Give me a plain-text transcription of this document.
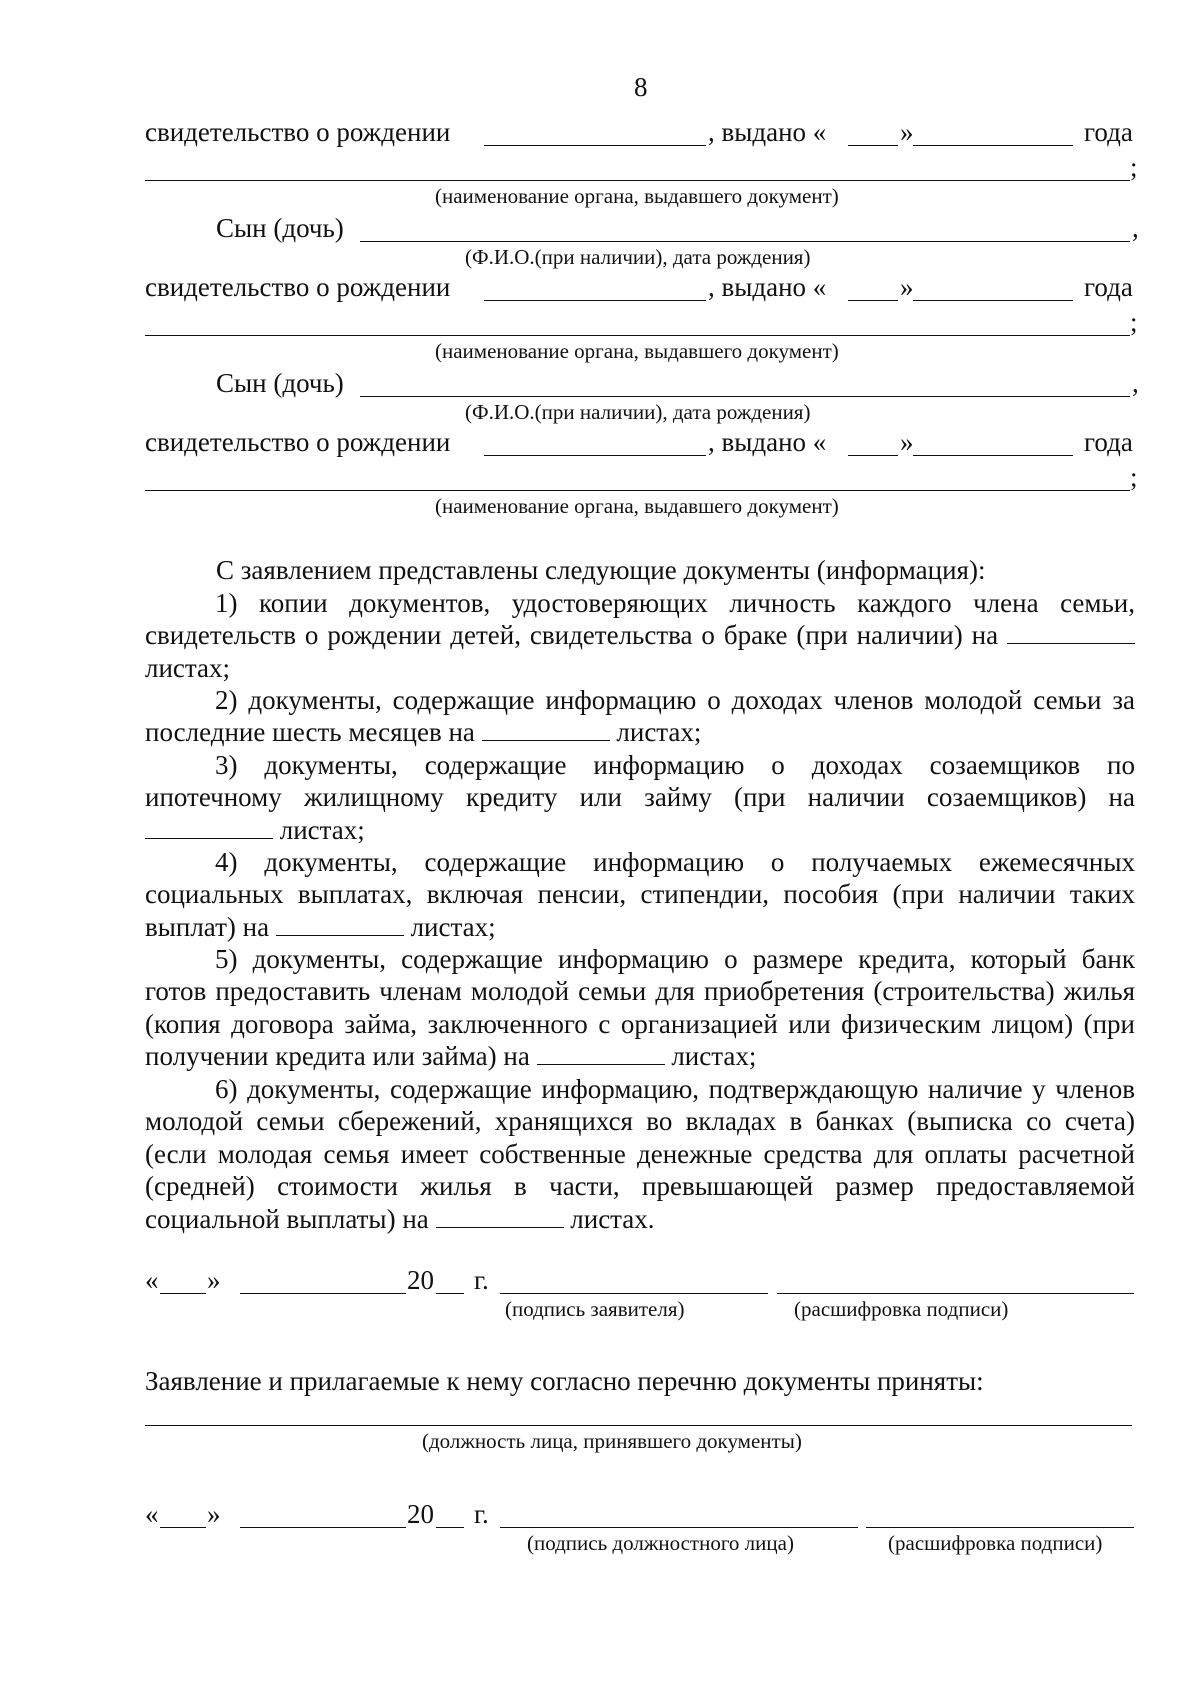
8
свидетельство о рождении	, выдано «	»	года
;
(наименование органа, выдавшего документ)
Сын (дочь)	,
(Ф.И.О.(при наличии), дата рождения)
свидетельство о рождении	, выдано «	»	года
;
(наименование органа, выдавшего документ)
Сын (дочь)	,
(Ф.И.О.(при наличии), дата рождения)
свидетельство о рождении	, выдано «	»	года
;
(наименование органа, выдавшего документ)
С заявлением представлены следующие документы (информация):
1) копии документов, удостоверяющих личность каждого члена семьи, свидетельств о рождении детей, свидетельства о браке (при наличии) на  листах;
2) документы, содержащие информацию о доходах членов молодой семьи за последние шесть месяцев на	листах;
3) документы, содержащие информацию о доходах созаемщиков по ипотечному жилищному кредиту или займу (при наличии созаемщиков) на  листах;
4) документы, содержащие информацию о получаемых ежемесячных социальных выплатах, включая пенсии, стипендии, пособия (при наличии таких выплат) на	листах;
5) документы, содержащие информацию о размере кредита, который банк готов предоставить членам молодой семьи для приобретения (строительства) жилья (копия договора займа, заключенного с организацией или физическим лицом) (при получении кредита или займа) на	листах;
6) документы, содержащие информацию, подтверждающую наличие у членов молодой семьи сбережений, хранящихся во вкладах в банках (выписка со счета) (если молодая семья имеет собственные денежные средства для оплаты расчетной (средней) стоимости жилья в части, превышающей размер предоставляемой социальной выплаты) на	листах.
« »	20 г.
(подпись заявителя)	(расшифровка подписи)
Заявление и прилагаемые к нему согласно перечню документы приняты:
(должность лица, принявшего документы)
« »	20 г.
(подпись должностного лица)	(расшифровка подписи)
